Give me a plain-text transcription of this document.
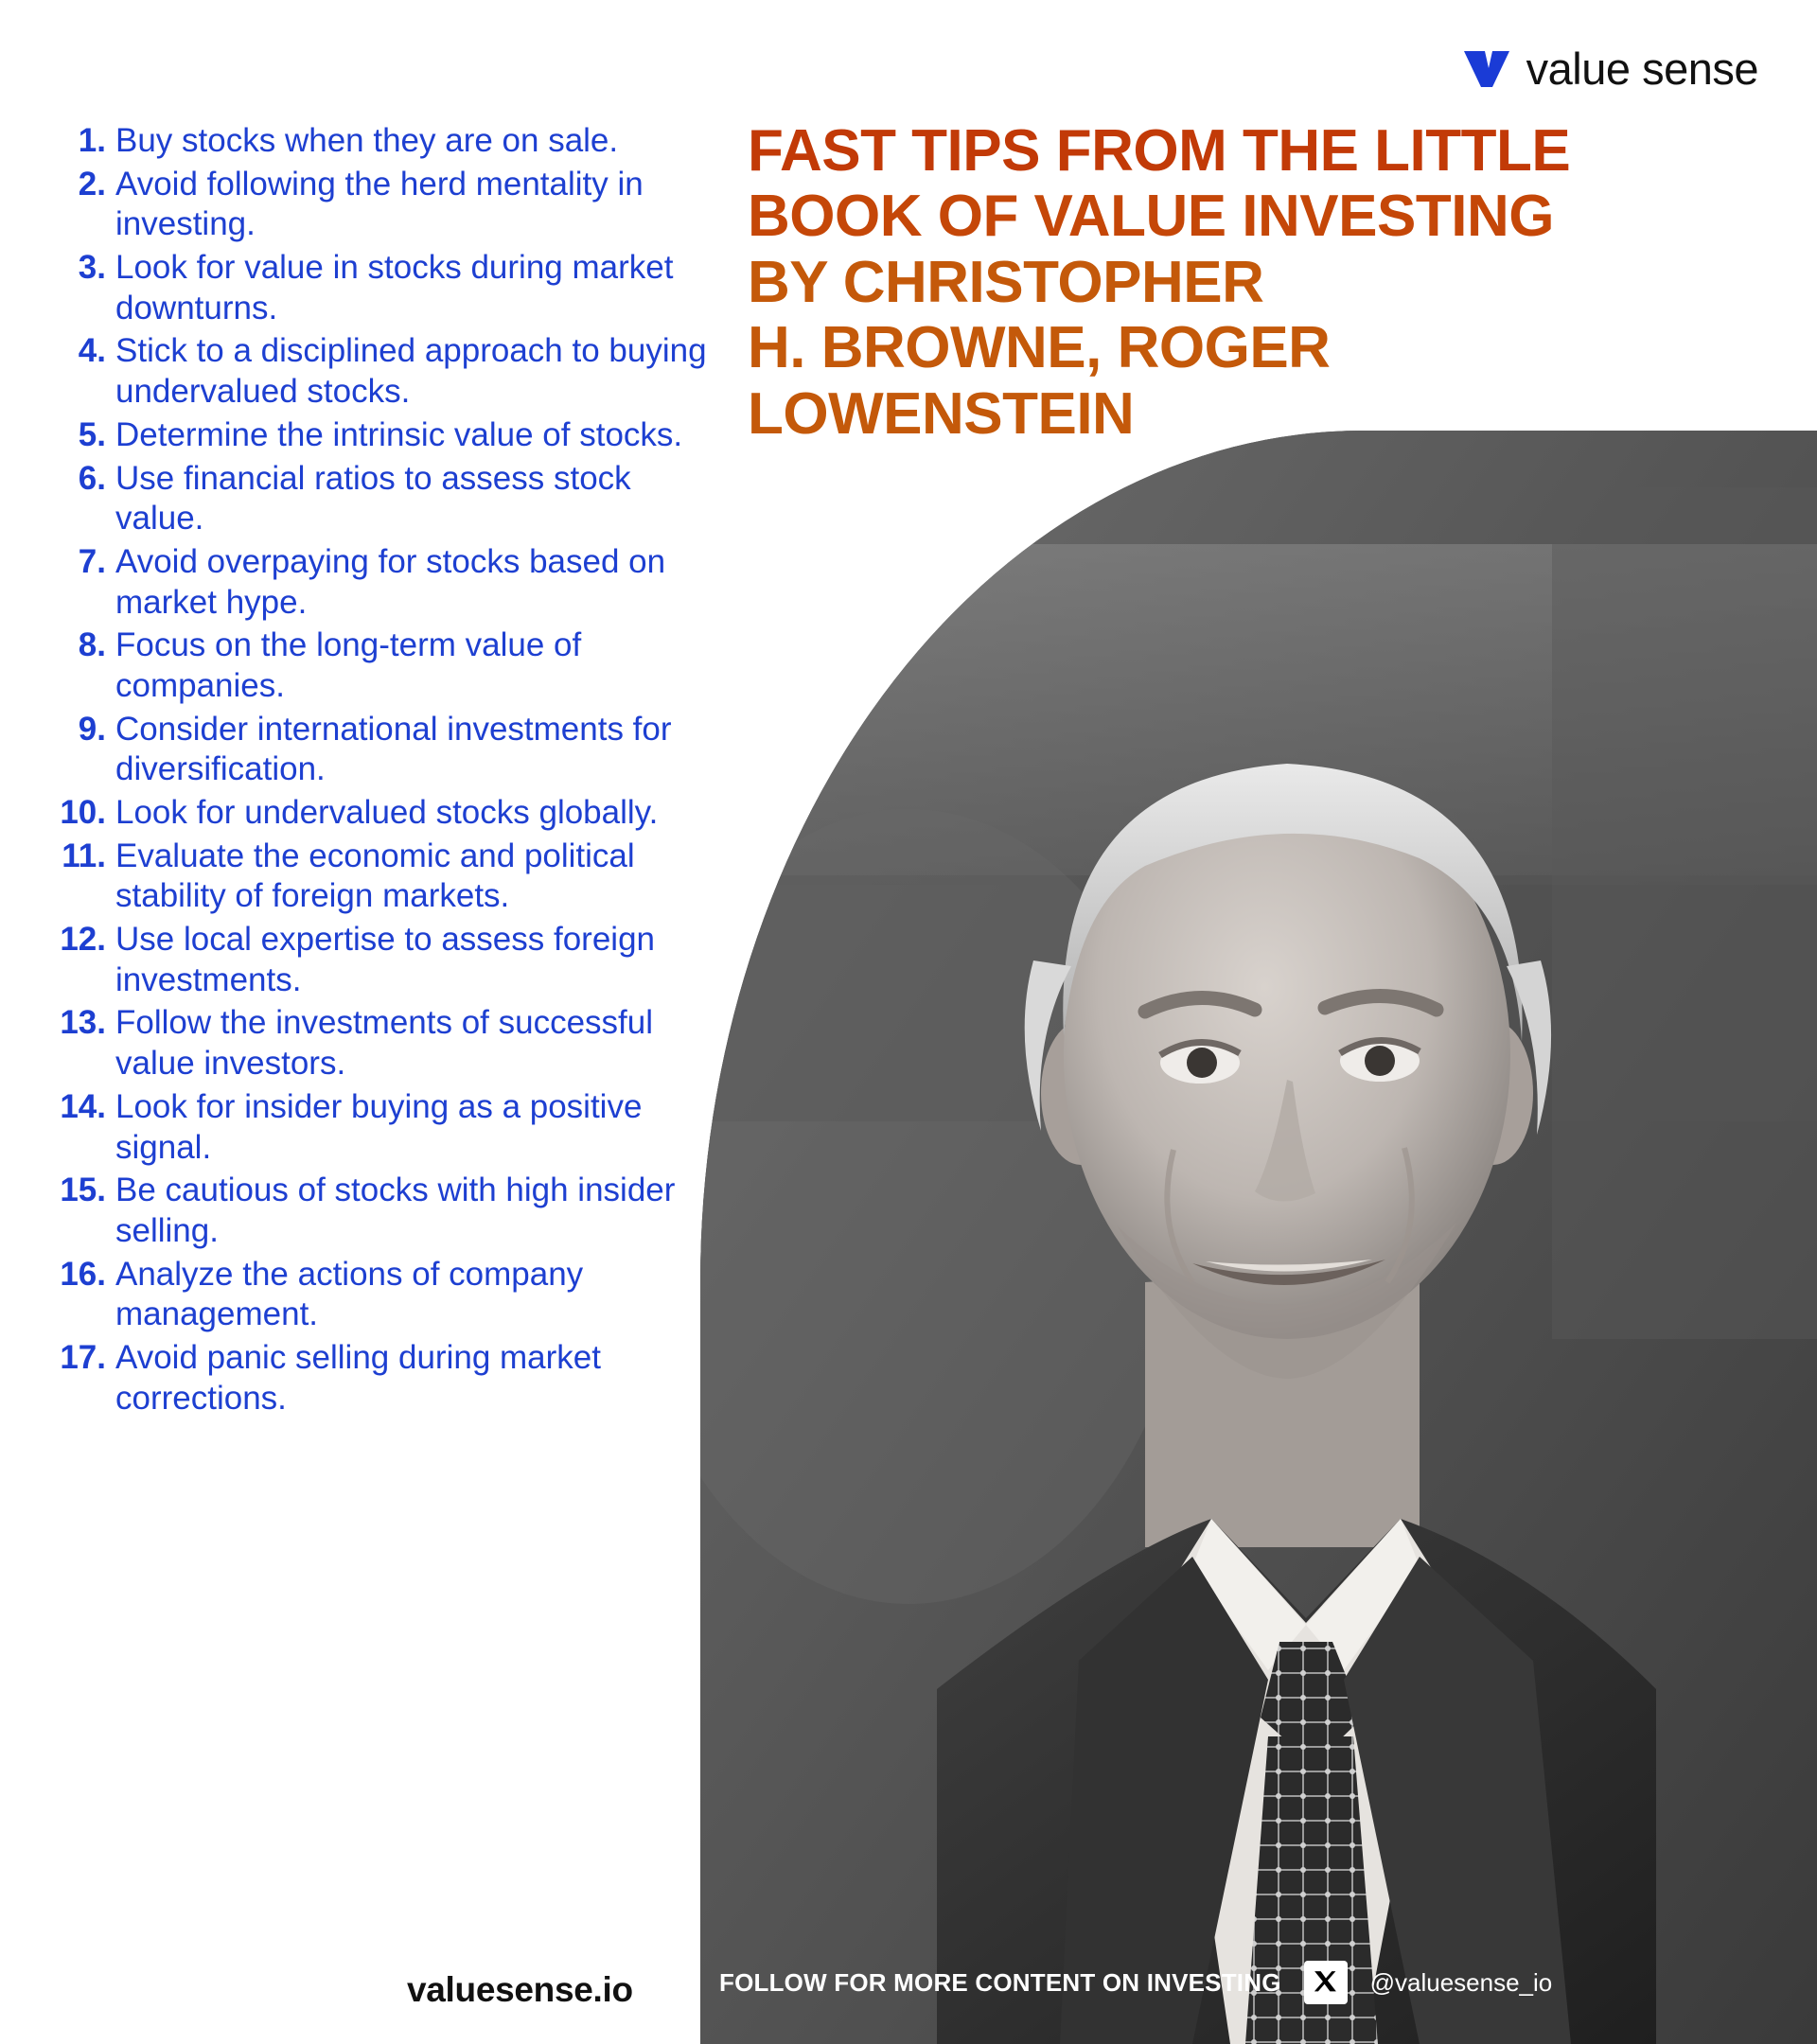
value sense
FAST TIPS FROM THE LITTLE
BOOK OF VALUE INVESTING
BY CHRISTOPHER
H. BROWNE, ROGER
LOWENSTEIN
1. Buy stocks when they are on sale.
2. Avoid following the herd mentality in investing.
3. Look for value in stocks during market downturns.
4. Stick to a disciplined approach to buying undervalued stocks.
5. Determine the intrinsic value of stocks.
6. Use financial ratios to assess stock value.
7. Avoid overpaying for stocks based on market hype.
8. Focus on the long-term value of companies.
9. Consider international investments for diversification.
10. Look for undervalued stocks globally.
11. Evaluate the economic and political stability of foreign markets.
12. Use local expertise to assess foreign investments.
13. Follow the investments of successful value investors.
14. Look for insider buying as a positive signal.
15. Be cautious of stocks with high insider selling.
16. Analyze the actions of company management.
17. Avoid panic selling during market corrections.
valuesense.io	FOLLOW FOR MORE CONTENT ON INVESTING	@valuesense_io
